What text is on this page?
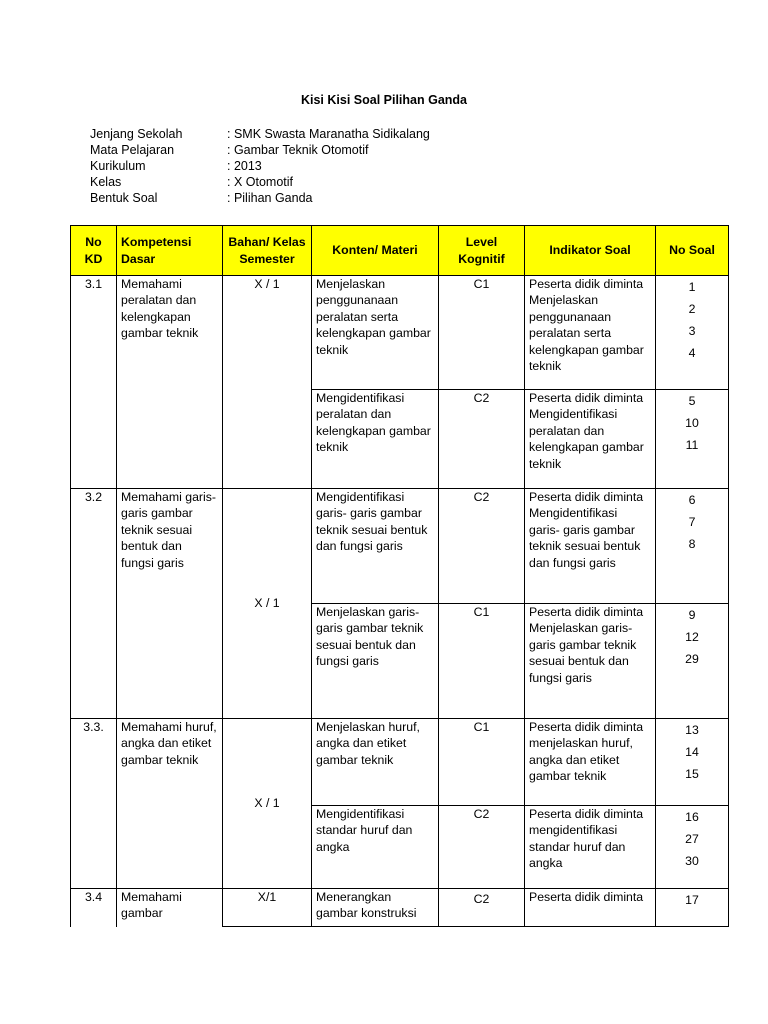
Kisi Kisi Soal Pilihan Ganda
Jenjang Sekolah	: SMK Swasta Maranatha Sidikalang
Mata Pelajaran	: Gambar Teknik Otomotif
Kurikulum	: 2013
Kelas	: X Otomotif
Bentuk Soal	: Pilihan Ganda
No KD	Kompetensi Dasar	Bahan/ Kelas Semester	Konten/ Materi	Level Kognitif	Indikator Soal	No Soal
3.1	Memahami peralatan dan kelengkapan gambar teknik	X / 1	Menjelaskan penggunanaan peralatan serta kelengkapan gambar teknik	C1	Peserta didik diminta Menjelaskan penggunanaan peralatan serta kelengkapan gambar teknik	1
2
3
4

			Mengidentifikasi peralatan dan kelengkapan gambar teknik	C2	Peserta didik diminta Mengidentifikasi peralatan dan kelengkapan gambar teknik	5
10
11

3.2	Memahami garis-garis gambar teknik sesuai bentuk dan fungsi garis	X / 1	Mengidentifikasi garis- garis gambar teknik sesuai bentuk dan fungsi garis	C2	Peserta didik diminta Mengidentifikasi garis- garis gambar teknik sesuai bentuk dan fungsi garis	6
7
8

			Menjelaskan garis- garis gambar teknik sesuai bentuk dan fungsi garis	C1	Peserta didik diminta Menjelaskan garis- garis gambar teknik sesuai bentuk dan fungsi garis	9
12
29

3.3.	Memahami huruf, angka dan etiket gambar teknik	X / 1	Menjelaskan huruf, angka dan etiket gambar teknik	C1	Peserta didik diminta menjelaskan huruf, angka dan etiket gambar teknik	13
14
15

			Mengidentifikasi standar huruf dan angka	C2	Peserta didik diminta mengidentifikasi standar huruf dan angka	16
27
30

3.4	Memahami gambar	X/1	Menerangkan gambar konstruksi	C2	Peserta didik diminta	17
